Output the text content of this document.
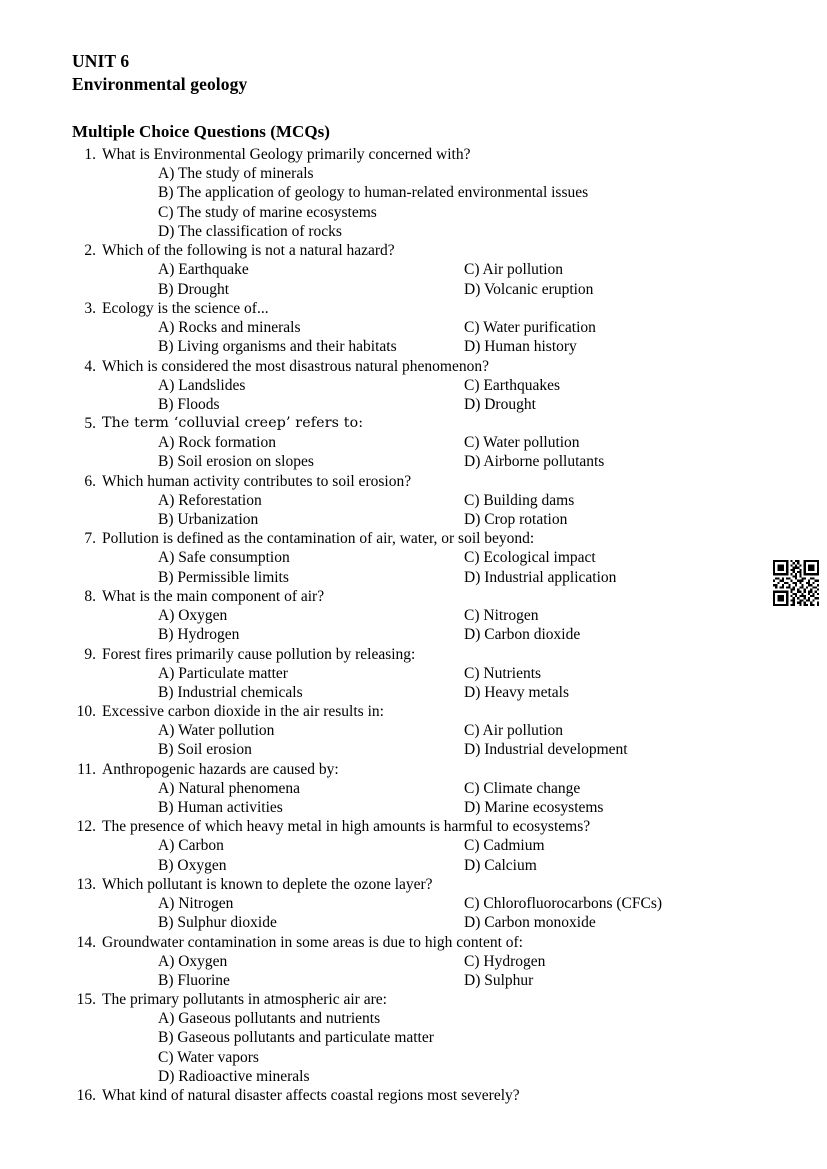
UNIT 6
Environmental geology
Multiple Choice Questions (MCQs)
1. What is Environmental Geology primarily concerned with?
A) The study of minerals
B) The application of geology to human-related environmental issues
C) The study of marine ecosystems
D) The classification of rocks
2. Which of the following is not a natural hazard?
A) Earthquake	C) Air pollution
B) Drought	D) Volcanic eruption
3. Ecology is the science of...
A) Rocks and minerals	C) Water purification
B) Living organisms and their habitats	D) Human history
4. Which is considered the most disastrous natural phenomenon?
A) Landslides	C) Earthquakes
B) Floods	D) Drought
5. The term ‘colluvial creep’ refers to:
A) Rock formation	C) Water pollution
B) Soil erosion on slopes	D) Airborne pollutants
6. Which human activity contributes to soil erosion?
A) Reforestation	C) Building dams
B) Urbanization	D) Crop rotation
7. Pollution is defined as the contamination of air, water, or soil beyond:
A) Safe consumption	C) Ecological impact
B) Permissible limits	D) Industrial application
8. What is the main component of air?
A) Oxygen	C) Nitrogen
B) Hydrogen	D) Carbon dioxide
9. Forest fires primarily cause pollution by releasing:
A) Particulate matter	C) Nutrients
B) Industrial chemicals	D) Heavy metals
10. Excessive carbon dioxide in the air results in:
A) Water pollution	C) Air pollution
B) Soil erosion	D) Industrial development
11. Anthropogenic hazards are caused by:
A) Natural phenomena	C) Climate change
B) Human activities	D) Marine ecosystems
12. The presence of which heavy metal in high amounts is harmful to ecosystems?
A) Carbon	C) Cadmium
B) Oxygen	D) Calcium
13. Which pollutant is known to deplete the ozone layer?
A) Nitrogen	C) Chlorofluorocarbons (CFCs)
B) Sulphur dioxide	D) Carbon monoxide
14. Groundwater contamination in some areas is due to high content of:
A) Oxygen	C) Hydrogen
B) Fluorine	D) Sulphur
15. The primary pollutants in atmospheric air are:
A) Gaseous pollutants and nutrients
B) Gaseous pollutants and particulate matter
C) Water vapors
D) Radioactive minerals
16. What kind of natural disaster affects coastal regions most severely?
